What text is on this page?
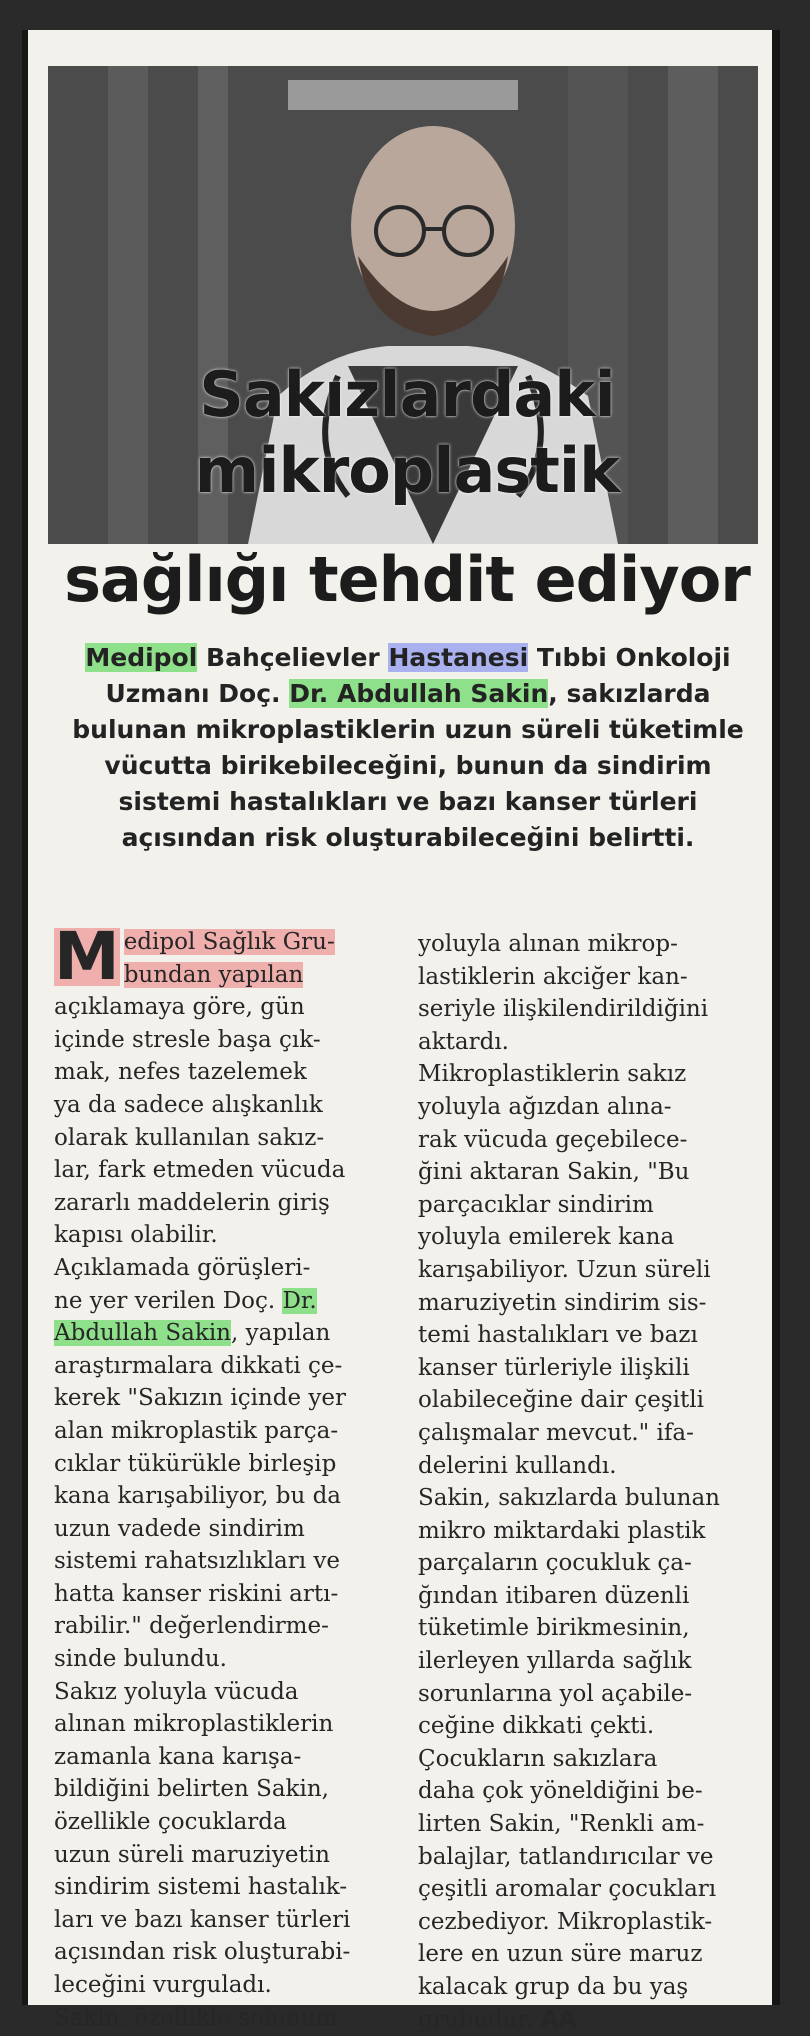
Sakızlardaki
mikroplastik
sağlığı tehdit ediyor
Medipol Bahçelievler Hastanesi Tıbbi Onkoloji Uzmanı Doç. Dr. Abdullah Sakin, sakızlarda bulunan mikroplastiklerin uzun süreli tüketimle vücutta birikebileceğini, bunun da sindirim sistemi hastalıkları ve bazı kanser türleri açısından risk oluşturabileceğini belirtti.

M edipol Sağlık Gru-
bundan yapılan
açıklamaya göre, gün
içinde stresle başa çık-
mak, nefes tazelemek
ya da sadece alışkanlık
olarak kullanılan sakız-
lar, fark etmeden vücuda
zararlı maddelerin giriş
kapısı olabilir.

Açıklamada görüşleri-
ne yer verilen Doç. Dr.
Abdullah Sakin, yapılan
araştırmalara dikkati çe-
kerek "Sakızın içinde yer
alan mikroplastik parça-
cıklar tükürükle birleşip
kana karışabiliyor, bu da
uzun vadede sindirim
sistemi rahatsızlıkları ve
hatta kanser riskini artı-
rabilir." değerlendirme-
sinde bulundu.

Sakız yoluyla vücuda
alınan mikroplastiklerin
zamanla kana karışa-
bildiğini belirten Sakin,
özellikle çocuklarda
uzun süreli maruziyetin
sindirim sistemi hastalık-
ları ve bazı kanser türleri
açısından risk oluşturabi-
leceğini vurguladı.

Sakin, özellikle solunum

yoluyla alınan mikrop-
lastiklerin akciğer kan-
seriyle ilişkilendirildiğini
aktardı.

Mikroplastiklerin sakız
yoluyla ağızdan alına-
rak vücuda geçebilece-
ğini aktaran Sakin, "Bu
parçacıklar sindirim
yoluyla emilerek kana
karışabiliyor. Uzun süreli
maruziyetin sindirim sis-
temi hastalıkları ve bazı
kanser türleriyle ilişkili
olabileceğine dair çeşitli
çalışmalar mevcut." ifa-
delerini kullandı.

Sakin, sakızlarda bulunan
mikro miktardaki plastik
parçaların çocukluk ça-
ğından itibaren düzenli
tüketimle birikmesinin,
ilerleyen yıllarda sağlık
sorunlarına yol açabile-
ceğine dikkati çekti.

Çocukların sakızlara
daha çok yöneldiğini be-
lirten Sakin, "Renkli am-
balajlar, tatlandırıcılar ve
çeşitli aromalar çocukları
cezbediyor. Mikroplastik-
lere en uzun süre maruz
kalacak grup da bu yaş
grubudur. AA
